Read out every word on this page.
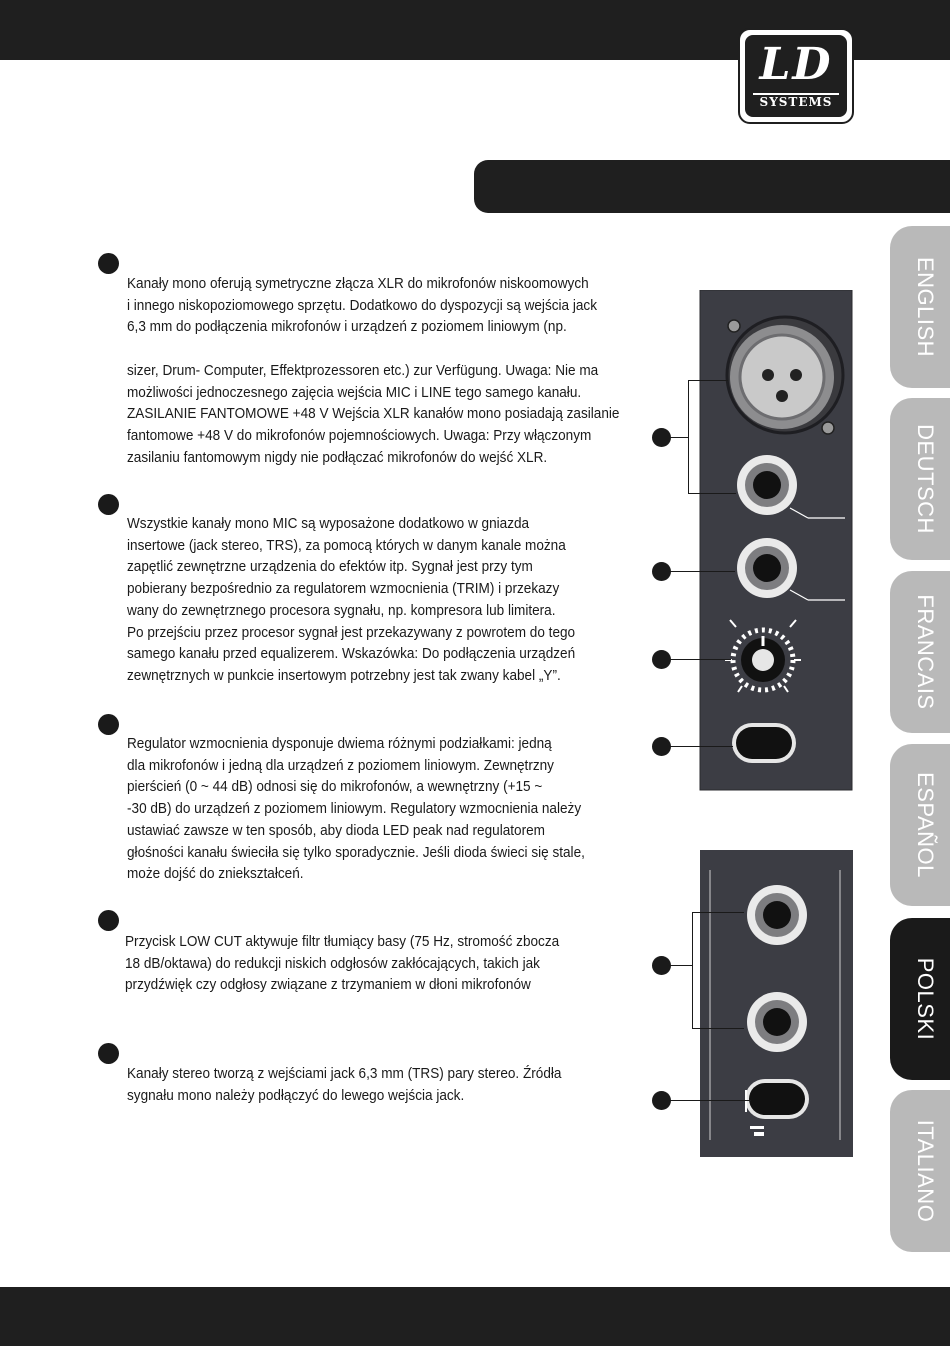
LD
SYSTEMS
Kanały mono oferują symetryczne złącza XLR do mikrofonów niskoomowych
i innego niskopoziomowego sprzętu. Dodatkowo do dyspozycji są wejścia jack
6,3 mm do podłączenia mikrofonów i urządzeń z poziomem liniowym (np.
sizer, Drum- Computer, Effektprozessoren etc.) zur Verfügung. Uwaga: Nie ma
możliwości jednoczesnego zajęcia wejścia MIC i LINE tego samego kanału.
ZASILANIE FANTOMOWE +48 V Wejścia XLR kanałów mono posiadają zasilanie
fantomowe +48 V do mikrofonów pojemnościowych. Uwaga: Przy włączonym
zasilaniu fantomowym nigdy nie podłączać mikrofonów do wejść XLR.
Wszystkie kanały mono MIC są wyposażone dodatkowo w gniazda
insertowe (jack stereo, TRS), za pomocą których w danym kanale można
zapętlić zewnętrzne urządzenia do efektów itp. Sygnał jest przy tym
pobierany bezpośrednio za regulatorem wzmocnienia (TRIM) i przekazy
wany do zewnętrznego procesora sygnału, np. kompresora lub limitera.
Po przejściu przez procesor sygnał jest przekazywany z powrotem do tego
samego kanału przed equalizerem. Wskazówka: Do podłączenia urządzeń
zewnętrznych w punkcie insertowym potrzebny jest tak zwany kabel „Y”.
Regulator wzmocnienia dysponuje dwiema różnymi podziałkami: jedną
dla mikrofonów i jedną dla urządzeń z poziomem liniowym. Zewnętrzny
pierścień (0 ~ 44 dB) odnosi się do mikrofonów, a wewnętrzny (+15 ~
-30 dB) do urządzeń z poziomem liniowym. Regulatory wzmocnienia należy
ustawiać zawsze w ten sposób, aby dioda LED peak nad regulatorem
głośności kanału świeciła się tylko sporadycznie. Jeśli dioda świeci się stale,
może dojść do zniekształceń.
Przycisk LOW CUT aktywuje filtr tłumiący basy (75 Hz, stromość zbocza
18 dB/oktawa) do redukcji niskich odgłosów zakłócających, takich jak
przydźwięk czy odgłosy związane z trzymaniem w dłoni mikrofonów
Kanały stereo tworzą z wejściami jack 6,3 mm (TRS) pary stereo. Źródła
sygnału mono należy podłączyć do lewego wejścia jack.
ENGLISH
DEUTSCH
FRANCAIS
ESPAÑOL
POLSKI
ITALIANO
